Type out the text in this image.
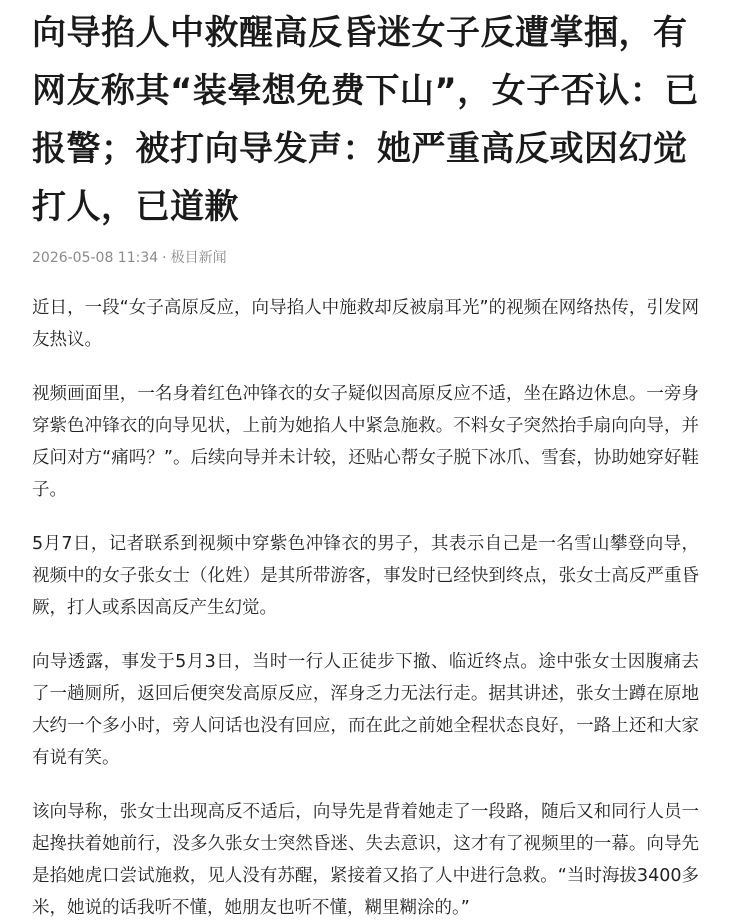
向导掐人中救醒高反昏迷女子反遭掌掴，有网友称其“装晕想免费下山”，女子否认：已报警；被打向导发声：她严重高反或因幻觉打人，已道歉
2026-05-08 11:34 · 极目新闻

近日，一段“女子高原反应，向导掐人中施救却反被扇耳光”的视频在网络热传，引发网友热议。

视频画面里，一名身着红色冲锋衣的女子疑似因高原反应不适，坐在路边休息。一旁身穿紫色冲锋衣的向导见状，上前为她掐人中紧急施救。不料女子突然抬手扇向向导，并反问对方“痛吗？”。后续向导并未计较，还贴心帮女子脱下冰爪、雪套，协助她穿好鞋子。

5月7日，记者联系到视频中穿紫色冲锋衣的男子，其表示自己是一名雪山攀登向导，视频中的女子张女士（化姓）是其所带游客，事发时已经快到终点，张女士高反严重昏厥，打人或系因高反产生幻觉。

向导透露，事发于5月3日，当时一行人正徒步下撤、临近终点。途中张女士因腹痛去了一趟厕所，返回后便突发高原反应，浑身乏力无法行走。据其讲述，张女士蹲在原地大约一个多小时，旁人问话也没有回应，而在此之前她全程状态良好，一路上还和大家有说有笑。

该向导称，张女士出现高反不适后，向导先是背着她走了一段路，随后又和同行人员一起搀扶着她前行，没多久张女士突然昏迷、失去意识，这才有了视频里的一幕。向导先是掐她虎口尝试施救，见人没有苏醒，紧接着又掐了人中进行急救。“当时海拔3400多米，她说的话我听不懂，她朋友也听不懂，糊里糊涂的。”
